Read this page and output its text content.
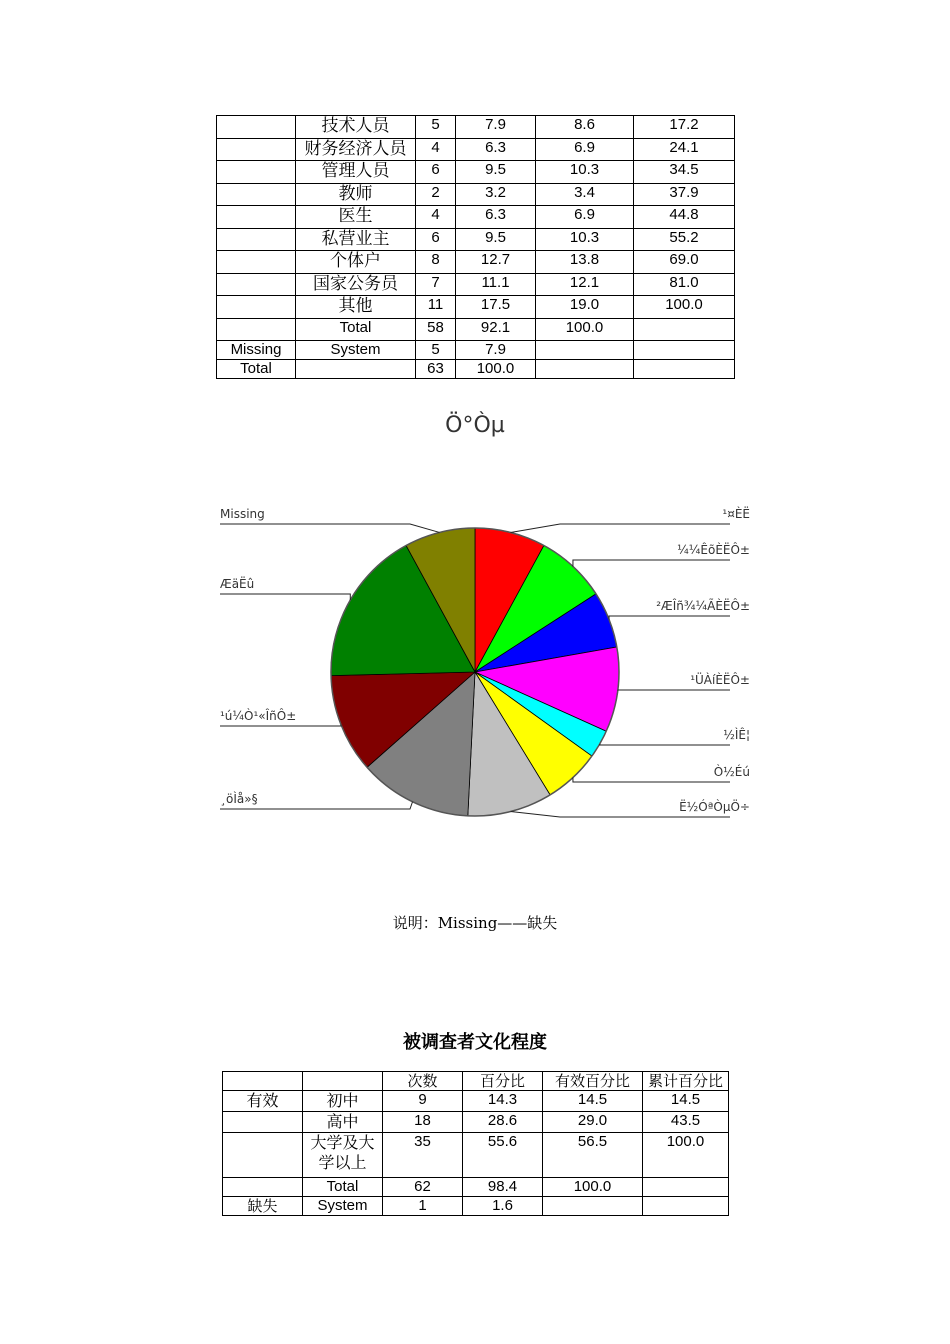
	技术人员	5	7.9	8.6	17.2
	财务经济人员	4	6.3	6.9	24.1
	管理人员	6	9.5	10.3	34.5
	教师	2	3.2	3.4	37.9
	医生	4	6.3	6.9	44.8
	私营业主	6	9.5	10.3	55.2
	个体户	8	12.7	13.8	69.0
	国家公务员	7	11.1	12.1	81.0
	其他	11	17.5	19.0	100.0
	Total	58	92.1	100.0	
Missing	System	5	7.9		
Total		63	100.0		
Ö°Òµ
¹¤ÈË
¼¼ÊõÈËÔ±
²ÆÎñ¾¼ÃÈËÔ±
¹ÜÀíÈËÔ±
½ÌÊ¦
Ò½Éú
Ë½ÓªÒµÖ÷
¸öÌå»§
¹ú¼Ò¹«ÎñÔ±
ÆäËû
Missing
说明：Missing——缺失
被调查者文化程度
		次数	百分比	有效百分比	累计百分比
有效	初中	9	14.3	14.5	14.5
	高中	18	28.6	29.0	43.5
	大学及大学以上	35	55.6	56.5	100.0
	Total	62	98.4	100.0	
缺失	System	1	1.6		
